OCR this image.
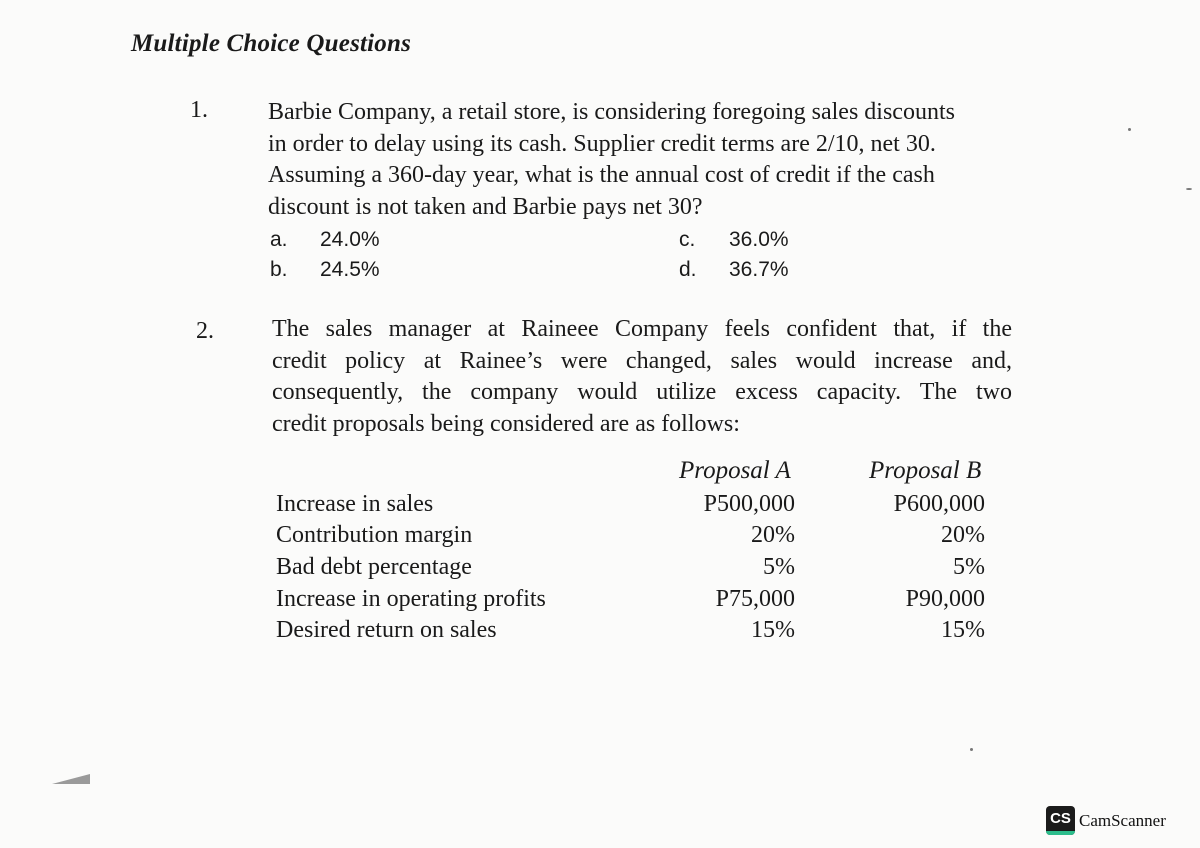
Multiple Choice Questions
1.	Barbie Company, a retail store, is considering foregoing sales discounts
in order to delay using its cash. Supplier credit terms are 2/10, net 30.
Assuming a 360-day year, what is the annual cost of credit if the cash
discount is not taken and Barbie pays net 30?
a. 24.0%
b. 24.5%
c. 36.0%
d. 36.7%
2. The sales manager at Raineee Company feels confident that, if the
credit policy at Rainee’s were changed, sales would increase and,
consequently, the company would utilize excess capacity. The two
credit proposals being considered are as follows:
Proposal A	Proposal B
Increase in sales	P500,000	P600,000
Contribution margin	20%	20%
Bad debt percentage	5%	5%
Increase in operating profits	P75,000	P90,000
Desired return on sales	15%	15%
CS CamScanner
